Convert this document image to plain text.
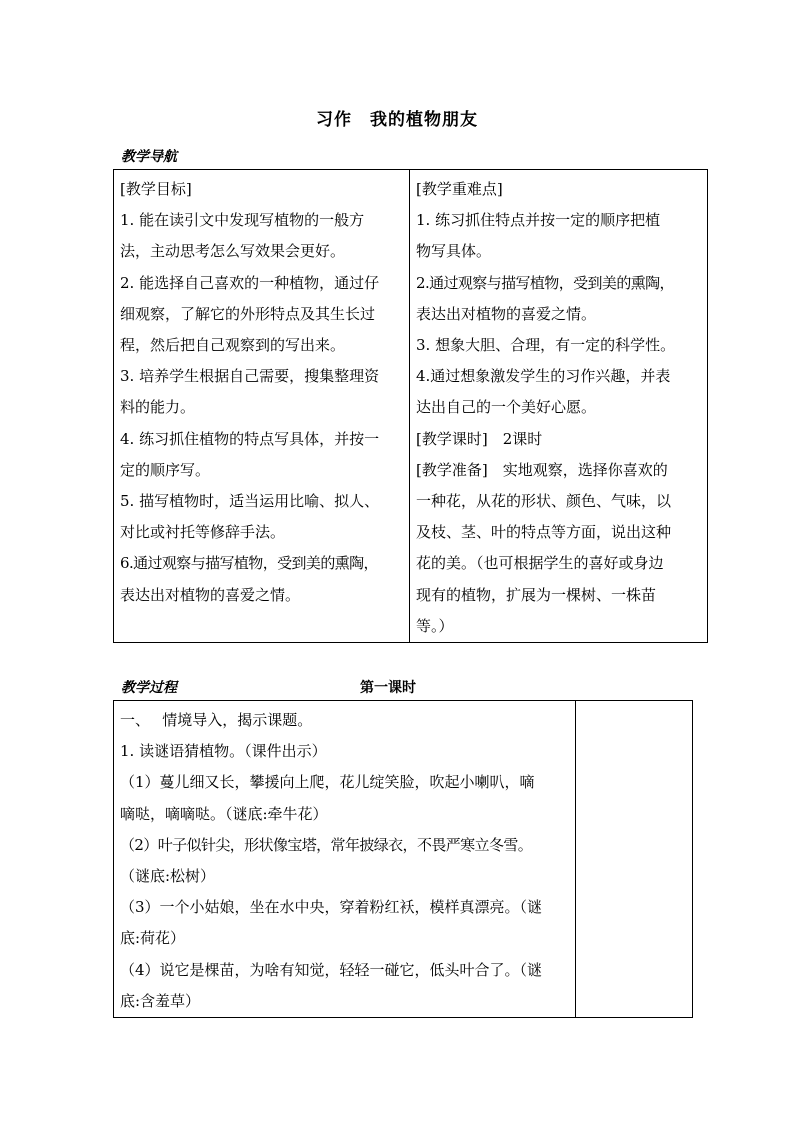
习作　我的植物朋友
教学导航
[教学目标]
1. 能在读引文中发现写植物的一般方
法，主动思考怎么写效果会更好。
2. 能选择自己喜欢的一种植物，通过仔
细观察，了解它的外形特点及其生长过
程，然后把自己观察到的写出来。
3. 培养学生根据自己需要，搜集整理资
料的能力。
4. 练习抓住植物的特点写具体，并按一
定的顺序写。
5. 描写植物时，适当运用比喻、拟人、
对比或衬托等修辞手法。
6.通过观察与描写植物，受到美的熏陶，
表达出对植物的喜爱之情。

[教学重难点]
1. 练习抓住特点并按一定的顺序把植
物写具体。
2.通过观察与描写植物，受到美的熏陶，
表达出对植物的喜爱之情。
3. 想象大胆、合理，有一定的科学性。
4.通过想象激发学生的习作兴趣，并表
达出自己的一个美好心愿。
[教学课时]　2课时
[教学准备]　实地观察，选择你喜欢的
一种花，从花的形状、颜色、气味，以
及枝、茎、叶的特点等方面，说出这种
花的美。（也可根据学生的喜好或身边
现有的植物，扩展为一棵树、一株苗
等。）
教学过程	第一课时
一、　 情境导入，揭示课题。
1. 读谜语猜植物。（课件出示）
（1）蔓儿细又长，攀援向上爬，花儿绽笑脸，吹起小喇叭，嘀
嘀哒，嘀嘀哒。（谜底:牵牛花）
（2）叶子似针尖，形状像宝塔，常年披绿衣，不畏严寒立冬雪。
（谜底:松树）
（3）一个小姑娘，坐在水中央，穿着粉红袄，模样真漂亮。（谜
底:荷花）
（4）说它是棵苗，为啥有知觉，轻轻一碰它，低头叶合了。（谜
底:含羞草）
